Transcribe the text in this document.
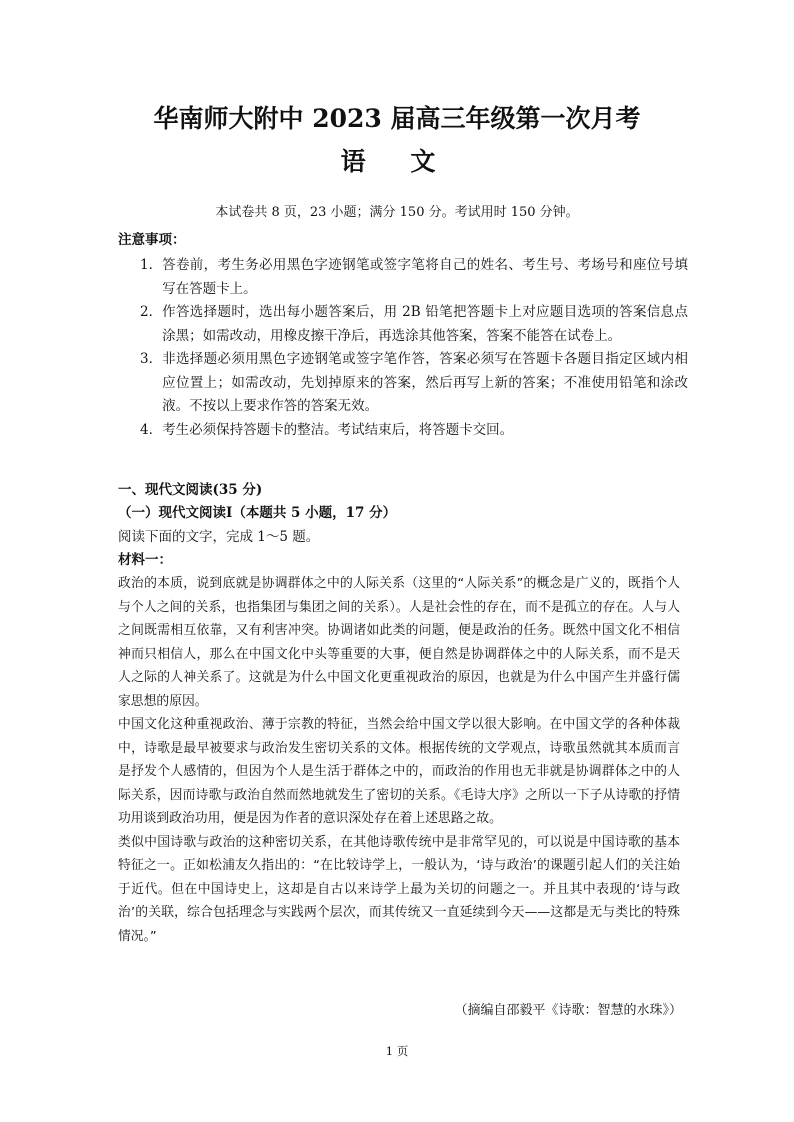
华南师大附中 2023 届高三年级第一次月考
语 文
本试卷共 8 页，23 小题；满分 150 分。考试用时 150 分钟。
注意事项：
1． 答卷前，考生务必用黑色字迹钢笔或签字笔将自己的姓名、考生号、考场号和座位号填写在答题卡上。
2． 作答选择题时，选出每小题答案后，用 2B 铅笔把答题卡上对应题目选项的答案信息点涂黑；如需改动，用橡皮擦干净后，再选涂其他答案，答案不能答在试卷上。
3． 非选择题必须用黑色字迹钢笔或签字笔作答，答案必须写在答题卡各题目指定区域内相应位置上；如需改动，先划掉原来的答案，然后再写上新的答案；不准使用铅笔和涂改液。不按以上要求作答的答案无效。
4． 考生必须保持答题卡的整洁。考试结束后，将答题卡交回。
一、现代文阅读(35 分)
（一）现代文阅读Ⅰ（本题共 5 小题，17 分）
阅读下面的文字，完成 1～5 题。
材料一：

政治的本质，说到底就是协调群体之中的人际关系（这里的“人际关系”的概念是广义的，既指个人与个人之间的关系，也指集团与集团之间的关系）。人是社会性的存在，而不是孤立的存在。人与人之间既需相互依靠，又有利害冲突。协调诸如此类的问题，便是政治的任务。既然中国文化不相信神而只相信人，那么在中国文化中头等重要的大事，便自然是协调群体之中的人际关系，而不是天人之际的人神关系了。这就是为什么中国文化更重视政治的原因，也就是为什么中国产生并盛行儒家思想的原因。

中国文化这种重视政治、薄于宗教的特征，当然会给中国文学以很大影响。在中国文学的各种体裁中，诗歌是最早被要求与政治发生密切关系的文体。根据传统的文学观点，诗歌虽然就其本质而言是抒发个人感情的，但因为个人是生活于群体之中的，而政治的作用也无非就是协调群体之中的人际关系，因而诗歌与政治自然而然地就发生了密切的关系。《毛诗大序》之所以一下子从诗歌的抒情功用谈到政治功用，便是因为作者的意识深处存在着上述思路之故。

类似中国诗歌与政治的这种密切关系，在其他诗歌传统中是非常罕见的，可以说是中国诗歌的基本特征之一。正如松浦友久指出的：“在比较诗学上，一般认为，‘诗与政治’的课题引起人们的关注始于近代。但在中国诗史上，这却是自古以来诗学上最为关切的问题之一。并且其中表现的‘诗与政治’的关联，综合包括理念与实践两个层次，而其传统又一直延续到今天——这都是无与类比的特殊情况。”

（摘编自邵毅平《诗歌：智慧的水珠》）
1 页
